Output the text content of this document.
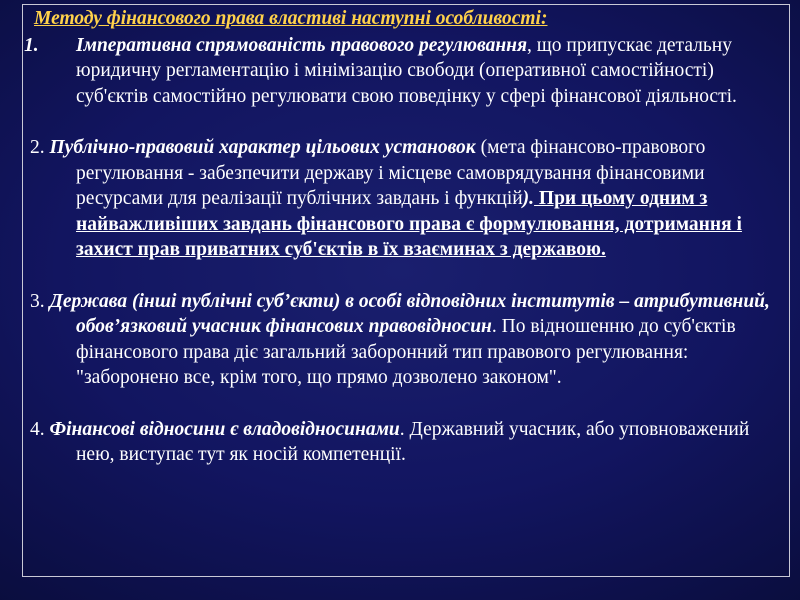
Методу фінансового права властиві наступні особливості:

1. Імперативна спрямованість правового регулювання, що припускає детальну юридичну регламентацію і мінімізацію свободи (оперативної самостійності) суб'єктів самостійно регулювати свою поведінку у сфері фінансової діяльності.
2. Публічно-правовий характер цільових установок (мета фінансово-правового регулювання - забезпечити державу і місцеве самоврядування фінансовими ресурсами для реалізації публічних завдань і функцій). При цьому одним з найважливіших завдань фінансового права є формулювання, дотримання і захист прав приватних суб'єктів в їх взаєминах з державою.
3. Держава (інші публічні суб’єкти) в особі відповідних інститутів – атрибутивний, обов’язковий учасник фінансових правовідносин. По відношенню до суб'єктів фінансового права діє загальний заборонний тип правового регулювання: "заборонено все, крім того, що прямо дозволено законом".
4. Фінансові відносини є владовідносинами. Державний учасник, або уповноважений нею, виступає тут як носій компетенції.
